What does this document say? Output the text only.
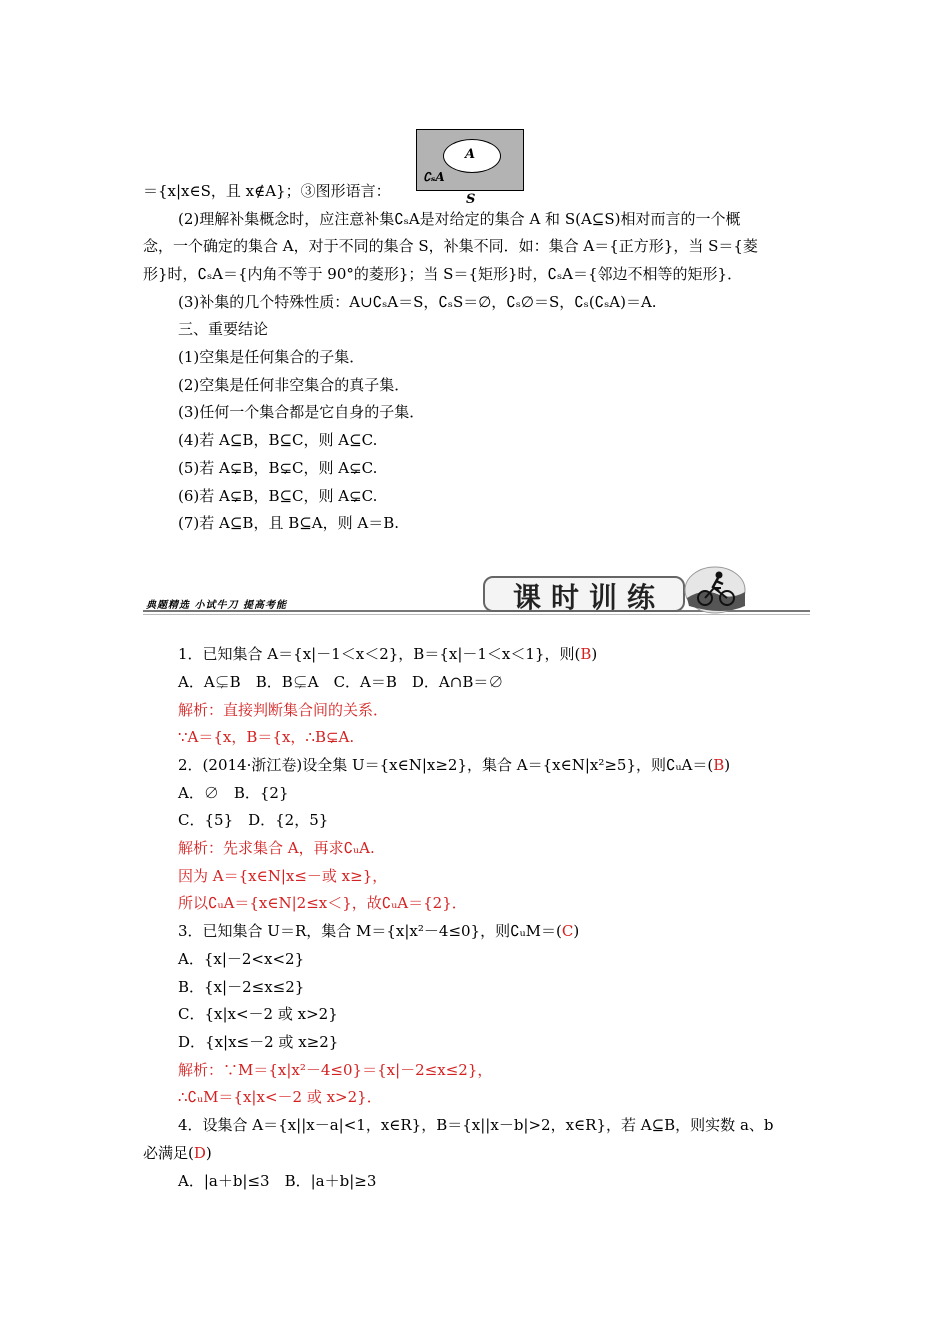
A
∁ₛA
S
典题精选 小试牛刀 提高考能	课时训练
＝{x|x∈S，且 x∉A}；③图形语言：
(2)理解补集概念时，应注意补集∁ₛA是对给定的集合 A 和 S(A⊆S)相对而言的一个概
念，一个确定的集合 A，对于不同的集合 S，补集不同．如：集合 A＝{正方形}，当 S＝{菱
形}时，∁ₛA＝{内角不等于 90°的菱形}；当 S＝{矩形}时，∁ₛA＝{邻边不相等的矩形}．
(3)补集的几个特殊性质：A∪∁ₛA＝S，∁ₛS＝∅，∁ₛ∅＝S，∁ₛ(∁ₛA)＝A.
三、重要结论
(1)空集是任何集合的子集．
(2)空集是任何非空集合的真子集．
(3)任何一个集合都是它自身的子集．
(4)若 A⊆B，B⊆C，则 A⊆C.
(5)若 A⊊B，B⊊C，则 A⊊C.
(6)若 A⊊B，B⊆C，则 A⊊C.
(7)若 A⊆B，且 B⊆A，则 A＝B.
1．已知集合 A＝{x|－1＜x＜2}，B＝{x|－1＜x＜1}，则(B)
A．A⊊B　B．B⊊A　C．A＝B　D．A∩B＝∅
解析：直接判断集合间的关系．
∵A＝{x，B＝{x，∴B⊊A.
2．(2014·浙江卷)设全集 U＝{x∈N|x≥2}，集合 A＝{x∈N|x²≥5}，则∁ᵤA＝(B)
A．∅　B．{2}
C．{5}　D．{2，5}
解析：先求集合 A，再求∁ᵤA.
因为 A＝{x∈N|x≤－或 x≥}，
所以∁ᵤA＝{x∈N|2≤x＜}，故∁ᵤA＝{2}．
3．已知集合 U＝R，集合 M＝{x|x²－4≤0}，则∁ᵤM＝(C)
A．{x|－2<x<2}
B．{x|－2≤x≤2}
C．{x|x<－2 或 x>2}
D．{x|x≤－2 或 x≥2}
解析：∵M＝{x|x²－4≤0}＝{x|－2≤x≤2}，
∴∁ᵤM＝{x|x<－2 或 x>2}．
4．设集合 A＝{x||x－a|<1，x∈R}，B＝{x||x－b|>2，x∈R}，若 A⊆B，则实数 a、b
必满足(D)
A．|a＋b|≤3　B．|a＋b|≥3
